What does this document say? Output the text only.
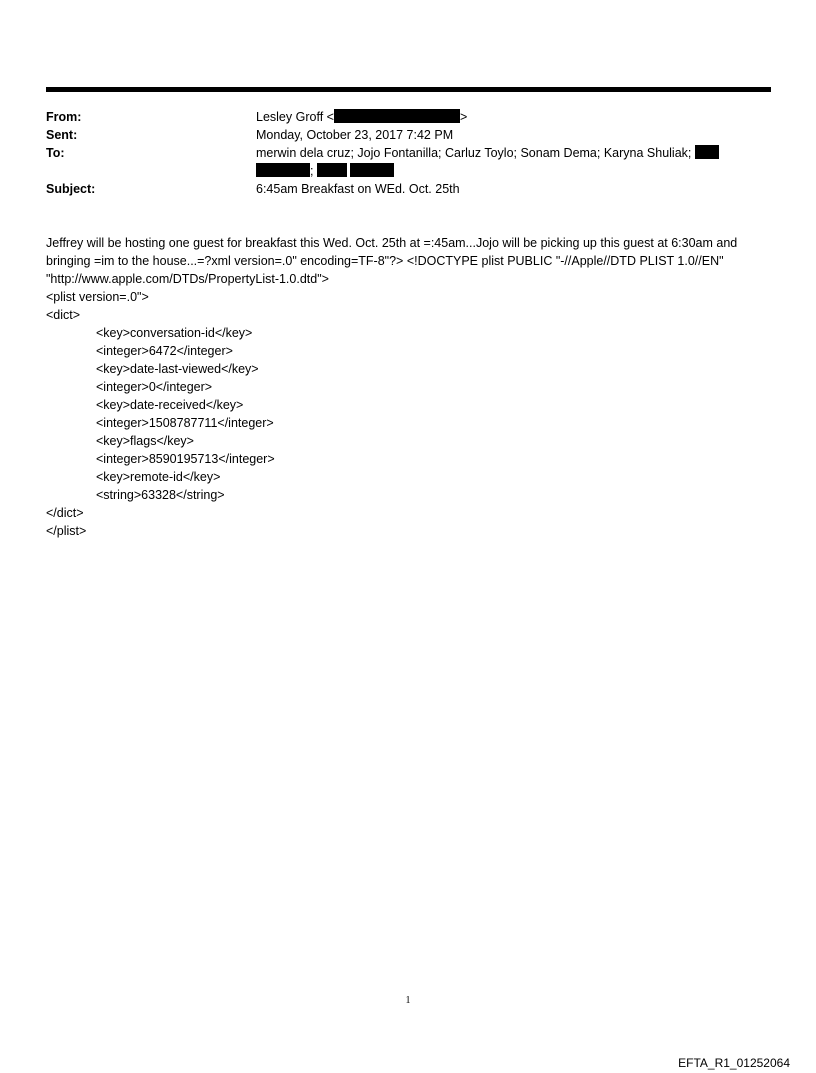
From:	Lesley Groff <	>
Sent:	Monday, October 23, 2017 7:42 PM
To:	merwin dela cruz; Jojo Fontanilla; Carluz Toylo; Sonam Dema; Karyna Shuliak;
;
Subject:	6:45am Breakfast on WEd. Oct. 25th
Jeffrey will be hosting one guest for breakfast this Wed. Oct. 25th at =:45am...Jojo will be picking up this guest at 6:30am and bringing =im to the house...=?xml version=.0" encoding=TF-8"?> <!DOCTYPE plist PUBLIC "-//Apple//DTD PLIST 1.0//EN" "http://www.apple.com/DTDs/PropertyList-1.0.dtd">
<plist version=.0">
<dict>
<key>conversation-id</key>
<integer>6472</integer>
<key>date-last-viewed</key>
<integer>0</integer>
<key>date-received</key>
<integer>1508787711</integer>
<key>flags</key>
<integer>8590195713</integer>
<key>remote-id</key>
<string>63328</string>
</dict>
</plist>
1
EFTA_R1_01252064
